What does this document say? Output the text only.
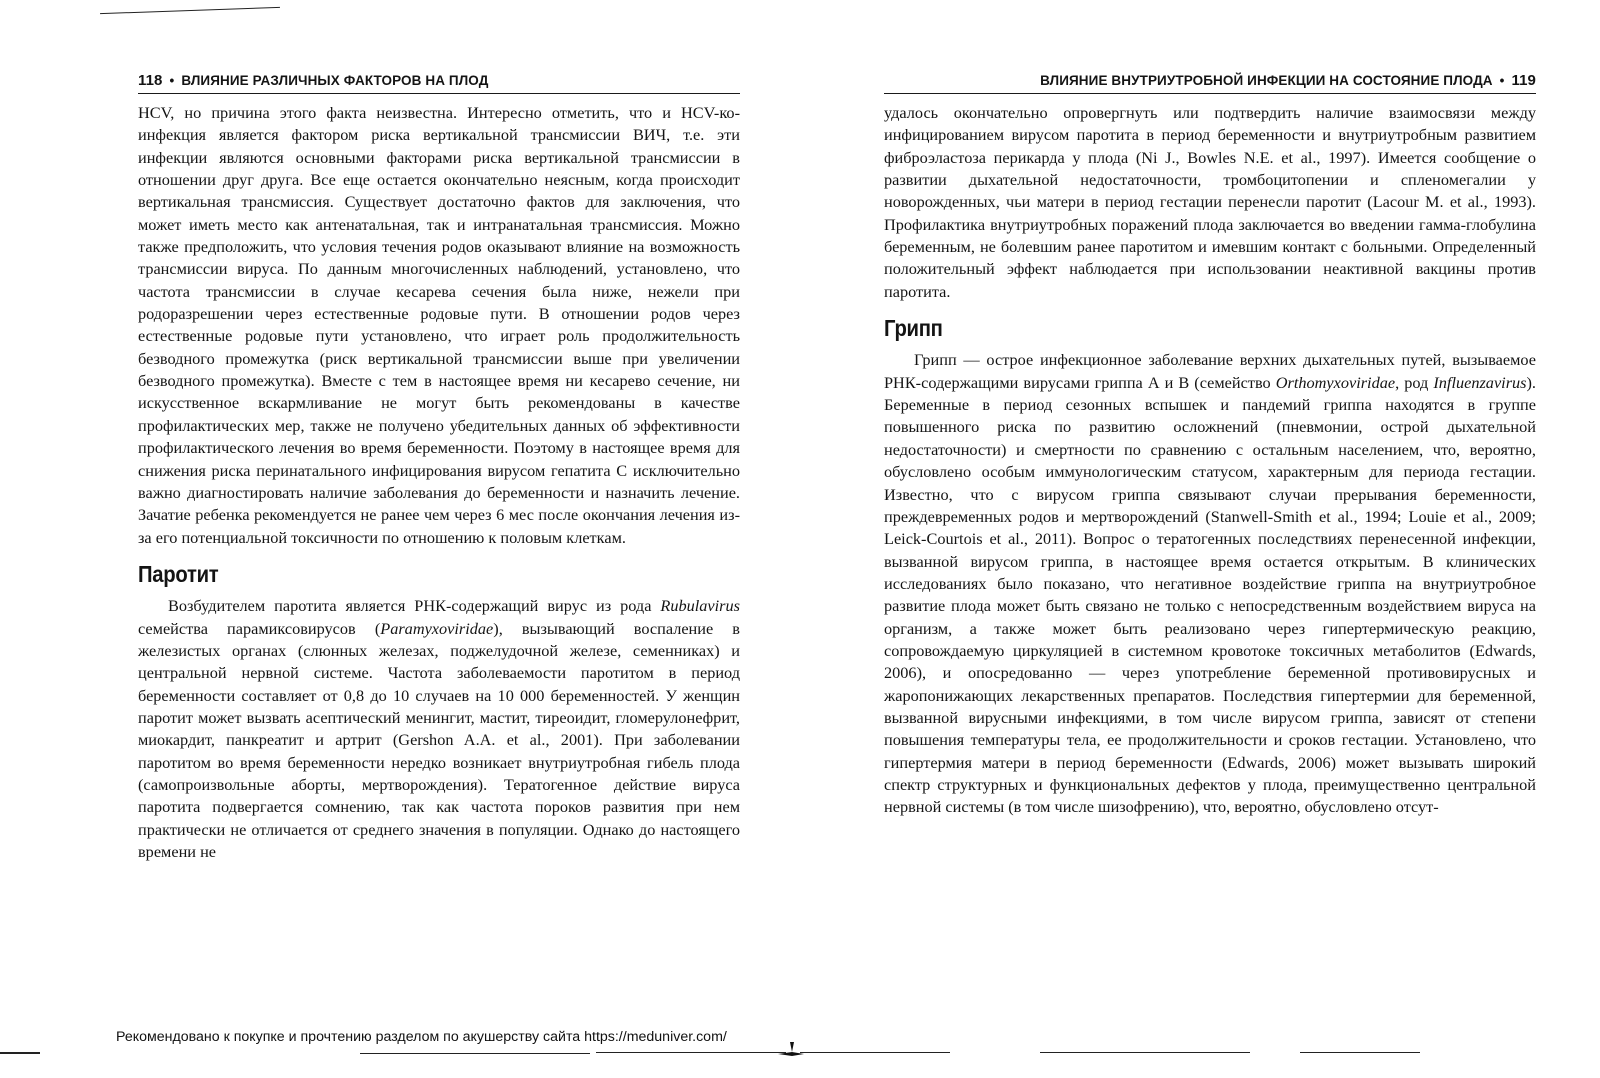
118 • ВЛИЯНИЕ РАЗЛИЧНЫХ ФАКТОРОВ НА ПЛОД

HCV, но причина этого факта неизвестна. Интересно отметить, что и HCV-ко-инфекция является фактором риска вертикальной трансмиссии ВИЧ, т.е. эти инфекции являются основными факторами риска вертикальной трансмиссии в отношении друг друга. Все еще остается окончательно неясным, когда происходит вертикальная трансмиссия. Существует достаточно фактов для заключения, что может иметь место как антенатальная, так и интранатальная трансмиссия. Можно также предположить, что условия течения родов оказывают влияние на возможность трансмиссии вируса. По данным многочисленных наблюдений, установлено, что частота трансмиссии в случае кесарева сечения была ниже, нежели при родоразрешении через естественные родовые пути. В отношении родов через естественные родовые пути установлено, что играет роль продолжительность безводного промежутка (риск вертикальной трансмиссии выше при увеличении безводного промежутка). Вместе с тем в настоящее время ни кесарево сечение, ни искусственное вскармливание не могут быть рекомендованы в качестве профилактических мер, также не получено убедительных данных об эффективности профилактического лечения во время беременности. Поэтому в настоящее время для снижения риска перинатального инфицирования вирусом гепатита С исключительно важно диагностировать наличие заболевания до беременности и назначить лечение. Зачатие ребенка рекомендуется не ранее чем через 6 мес после окончания лечения из-за его потенциальной токсичности по отношению к половым клеткам.

Паротит

Возбудителем паротита является РНК-содержащий вирус из рода Rubulavirus семейства парамиксовирусов (Paramyxoviridae), вызывающий воспаление в железистых органах (слюнных железах, поджелудочной железе, семенниках) и центральной нервной системе. Частота заболеваемости паротитом в период беременности составляет от 0,8 до 10 случаев на 10 000 беременностей. У женщин паротит может вызвать асептический менингит, мастит, тиреоидит, гломерулонефрит, миокардит, панкреатит и артрит (Gershon A.A. et al., 2001). При заболевании паротитом во время беременности нередко возникает внутриутробная гибель плода (самопроизвольные аборты, мертворождения). Тератогенное действие вируса паротита подвергается сомнению, так как частота пороков развития при нем практически не отличается от среднего значения в популяции. Однако до настоящего времени не

ВЛИЯНИЕ ВНУТРИУТРОБНОЙ ИНФЕКЦИИ НА СОСТОЯНИЕ ПЛОДА • 119

удалось окончательно опровергнуть или подтвердить наличие взаимосвязи между инфицированием вирусом паротита в период беременности и внутриутробным развитием фиброэластоза перикарда у плода (Ni J., Bowles N.E. et al., 1997). Имеется сообщение о развитии дыхательной недостаточности, тромбоцитопении и спленомегалии у новорожденных, чьи матери в период гестации перенесли паротит (Lacour M. et al., 1993). Профилактика внутриутробных поражений плода заключается во введении гамма-глобулина беременным, не болевшим ранее паротитом и имевшим контакт с больными. Определенный положительный эффект наблюдается при использовании неактивной вакцины против паротита.

Грипп

Грипп — острое инфекционное заболевание верхних дыхательных путей, вызываемое РНК-содержащими вирусами гриппа А и В (семейство Orthomyxoviridae, род Influenzavirus). Беременные в период сезонных вспышек и пандемий гриппа находятся в группе повышенного риска по развитию осложнений (пневмонии, острой дыхательной недостаточности) и смертности по сравнению с остальным населением, что, вероятно, обусловлено особым иммунологическим статусом, характерным для периода гестации. Известно, что с вирусом гриппа связывают случаи прерывания беременности, преждевременных родов и мертворождений (Stanwell-Smith et al., 1994; Louie et al., 2009; Leick-Courtois et al., 2011). Вопрос о тератогенных последствиях перенесенной инфекции, вызванной вирусом гриппа, в настоящее время остается открытым. В клинических исследованиях было показано, что негативное воздействие гриппа на внутриутробное развитие плода может быть связано не только с непосредственным воздействием вируса на организм, а также может быть реализовано через гипертермическую реакцию, сопровождаемую циркуляцией в системном кровотоке токсичных метаболитов (Edwards, 2006), и опосредованно — через употребление беременной противовирусных и жаропонижающих лекарственных препаратов. Последствия гипертермии для беременной, вызванной вирусными инфекциями, в том числе вирусом гриппа, зависят от степени повышения температуры тела, ее продолжительности и сроков гестации. Установлено, что гипертермия матери в период беременности (Edwards, 2006) может вызывать широкий спектр структурных и функциональных дефектов у плода, преимущественно центральной нервной системы (в том числе шизофрению), что, вероятно, обусловлено отсут-

Рекомендовано к покупке и прочтению разделом по акушерству сайта https://meduniver.com/
